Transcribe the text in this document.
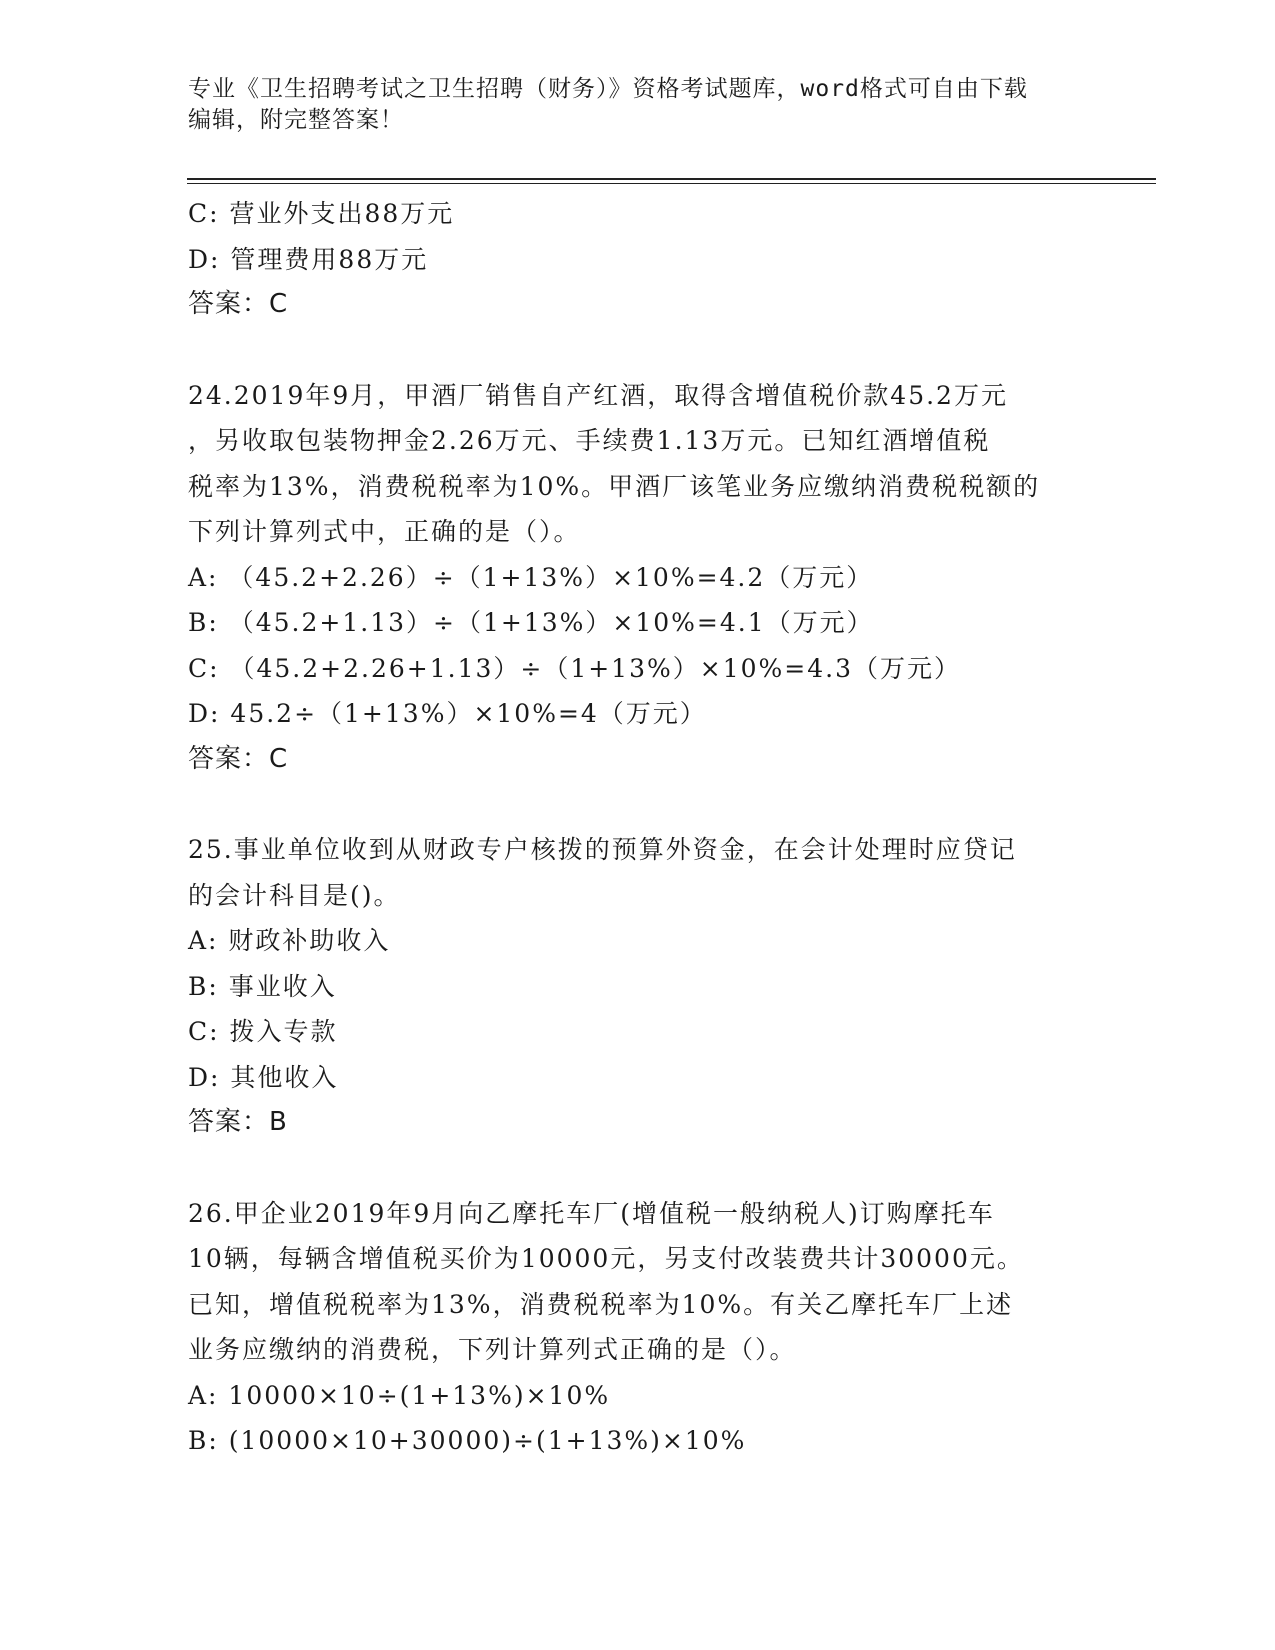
专业《卫生招聘考试之卫生招聘（财务）》资格考试题库，word格式可自由下载
编辑，附完整答案！
C: 营业外支出88万元
D: 管理费用88万元
答案：C
24.2019年9月，甲酒厂销售自产红酒，取得含增值税价款45.2万元
，另收取包装物押金2.26万元、手续费1.13万元。已知红酒增值税
税率为13%，消费税税率为10%。甲酒厂该笔业务应缴纳消费税税额的
下列计算列式中，正确的是（）。
A: （45.2+2.26）÷（1+13%）×10%=4.2（万元）
B: （45.2+1.13）÷（1+13%）×10%=4.1（万元）
C: （45.2+2.26+1.13）÷（1+13%）×10%=4.3（万元）
D: 45.2÷（1+13%）×10%=4（万元）
答案：C
25.事业单位收到从财政专户核拨的预算外资金，在会计处理时应贷记
的会计科目是()。
A: 财政补助收入
B: 事业收入
C: 拨入专款
D: 其他收入
答案：B
26.甲企业2019年9月向乙摩托车厂(增值税一般纳税人)订购摩托车
10辆，每辆含增值税买价为10000元，另支付改装费共计30000元。
已知，增值税税率为13%，消费税税率为10%。有关乙摩托车厂上述
业务应缴纳的消费税，下列计算列式正确的是（）。
A: 10000×10÷(1+13%)×10%
B: (10000×10+30000)÷(1+13%)×10%
